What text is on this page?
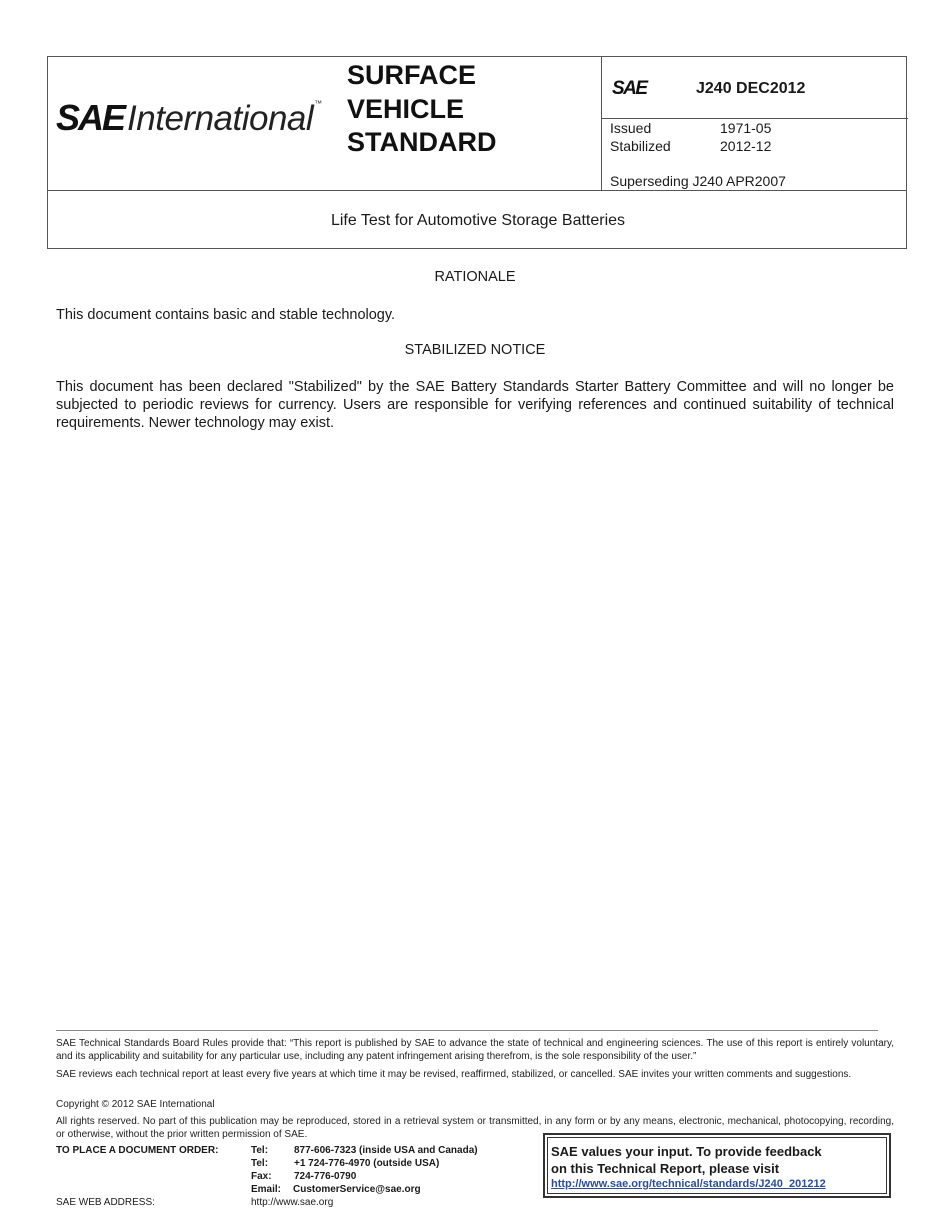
SAE International ™
SURFACE
VEHICLE
STANDARD
SAE	J240 DEC2012
Issued	1971-05
Stabilized	2012-12
Superseding J240 APR2007
Life Test for Automotive Storage Batteries
RATIONALE
This document contains basic and stable technology.
STABILIZED NOTICE
This document has been declared "Stabilized" by the SAE Battery Standards Starter Battery Committee and will no longer be subjected to periodic reviews for currency. Users are responsible for verifying references and continued suitability of technical requirements. Newer technology may exist.
SAE Technical Standards Board Rules provide that: “This report is published by SAE to advance the state of technical and engineering sciences. The use of this report is entirely voluntary, and its applicability and suitability for any particular use, including any patent infringement arising therefrom, is the sole responsibility of the user.”
SAE reviews each technical report at least every five years at which time it may be revised, reaffirmed, stabilized, or cancelled. SAE invites your written comments and suggestions.
Copyright © 2012 SAE International
All rights reserved. No part of this publication may be reproduced, stored in a retrieval system or transmitted, in any form or by any means, electronic, mechanical, photocopying, recording, or otherwise, without the prior written permission of SAE.
TO PLACE A DOCUMENT ORDER:	Tel:	877-606-7323 (inside USA and Canada)
Tel:	+1 724-776-4970 (outside USA)
Fax: 724-776-0790
Email: CustomerService@sae.org
SAE WEB ADDRESS:	http://www.sae.org
SAE values your input. To provide feedback
on this Technical Report, please visit
http://www.sae.org/technical/standards/J240_201212
